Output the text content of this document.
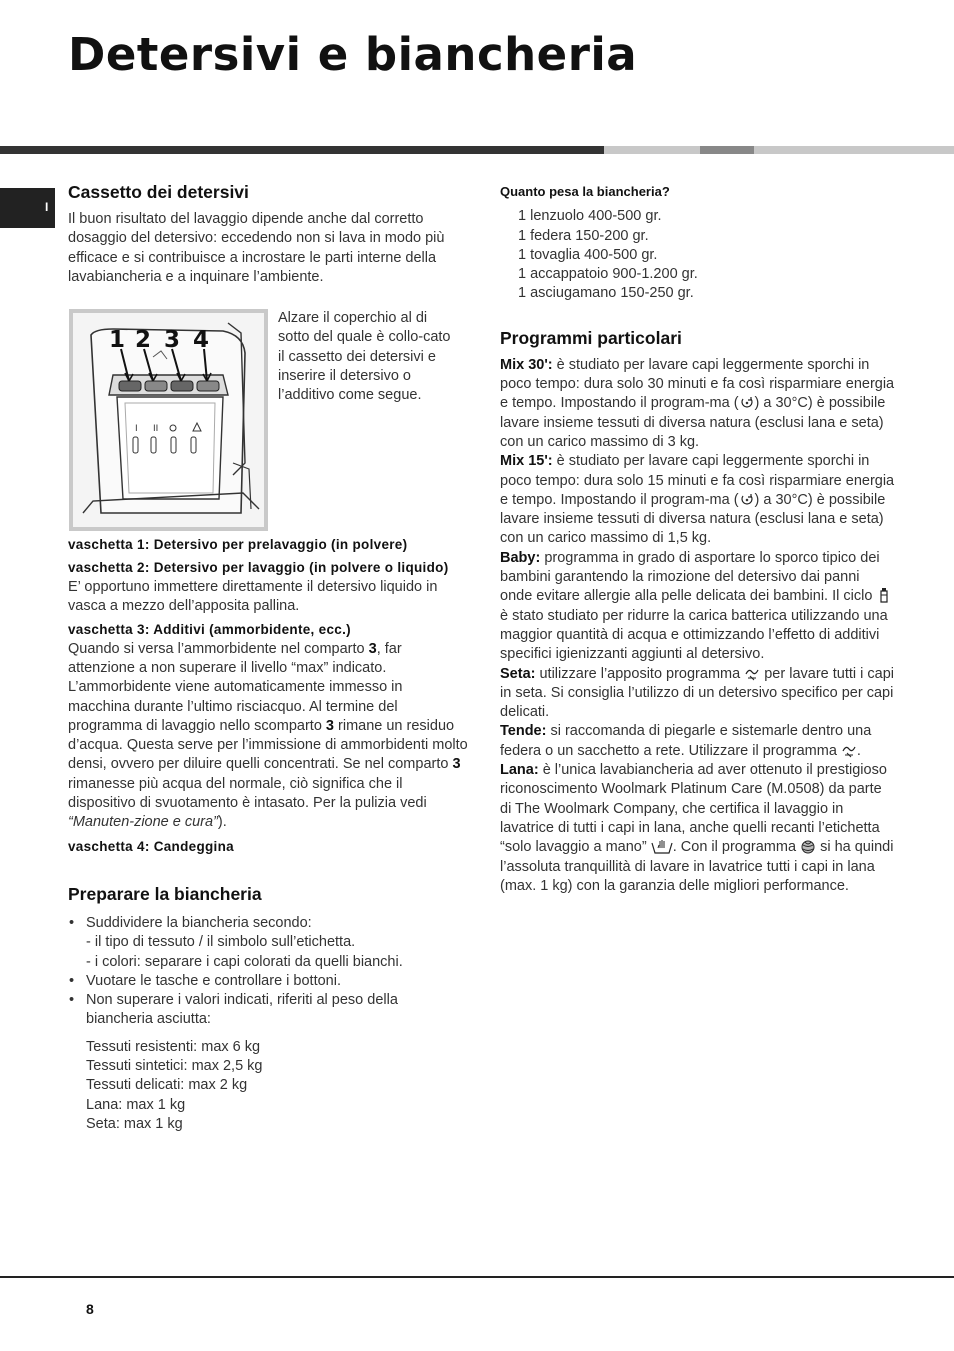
Detersivi e biancheria
I
Cassetto dei detersivi

Il buon risultato del lavaggio dipende anche dal corretto dosaggio del detersivo: eccedendo non si lava in modo più efficace e si contribuisce a incrostare le parti interne della lavabiancheria e a inquinare l’ambiente.

I II
1 2 3 4

Alzare il coperchio al di sotto del quale è collo-cato il cassetto dei detersivi e inserire il detersivo o l’additivo come segue.

vaschetta 1: Detersivo per prelavaggio (in polvere)

vaschetta 2: Detersivo per lavaggio (in polvere o liquido)

E’ opportuno immettere direttamente il detersivo liquido in vasca a mezzo dell’apposita pallina.

vaschetta 3: Additivi (ammorbidente, ecc.)

Quando si versa l’ammorbidente nel comparto 3, far attenzione a non superare il livello “max” indicato. L’ammorbidente viene automaticamente immesso in macchina durante l’ultimo risciacquo. Al termine del programma di lavaggio nello scomparto 3 rimane un residuo d’acqua. Questa serve per l’immissione di ammorbidenti molto densi, ovvero per diluire quelli concentrati. Se nel comparto 3 rimanesse più acqua del normale, ciò significa che il dispositivo di svuotamento è intasato. Per la pulizia vedi “Manuten-zione e cura”).

vaschetta 4: Candeggina

Preparare la biancheria
• Suddividere la biancheria secondo:
- il tipo di tessuto / il simbolo sull’etichetta.
- i colori: separare i capi colorati da quelli bianchi.
• Vuotare le tasche e controllare i bottoni.
• Non superare i valori indicati, riferiti al peso della biancheria asciutta:
Tessuti resistenti: max 6 kg
Tessuti sintetici: max 2,5 kg
Tessuti delicati: max 2 kg
Lana: max 1 kg
Seta: max 1 kg

Quanto pesa la biancheria?

1 lenzuolo 400-500 gr.
1 federa 150-200 gr.
1 tovaglia 400-500 gr.
1 accappatoio 900-1.200 gr.
1 asciugamano 150-250 gr.
Programmi particolari

Mix 30': è studiato per lavare capi leggermente sporchi in poco tempo: dura solo 30 minuti e fa così risparmiare energia e tempo. Impostando il program-ma ( ) a 30°C) è possibile lavare insieme tessuti di diversa natura (esclusi lana e seta) con un carico massimo di 3 kg.

Mix 15': è studiato per lavare capi leggermente sporchi in poco tempo: dura solo 15 minuti e fa così risparmiare energia e tempo. Impostando il program-ma ( ) a 30°C) è possibile lavare insieme tessuti di diversa natura (esclusi lana e seta) con un carico massimo di 1,5 kg.

Baby: programma in grado di asportare lo sporco tipico dei bambini garantendo la rimozione del detersivo dai panni onde evitare allergie alla pelle delicata dei bambini. Il ciclo  è stato studiato per ridurre la carica batterica utilizzando una maggior quantità di acqua e ottimizzando l’effetto di additivi specifici igienizzanti aggiunti al detersivo.

Seta: utilizzare l’apposito programma  per lavare tutti i capi in seta. Si consiglia l’utilizzo di un detersivo specifico per capi delicati.

Tende: si raccomanda di piegarle e sistemarle dentro una federa o un sacchetto a rete. Utilizzare il programma .

Lana: è l’unica lavabiancheria ad aver ottenuto il prestigioso riconoscimento Woolmark Platinum Care (M.0508) da parte di The Woolmark Company, che certifica il lavaggio in lavatrice di tutti i capi in lana, anche quelli recanti l’etichetta “solo lavaggio a mano” . Con il programma  si ha quindi l’assoluta tranquillità di lavare in lavatrice tutti i capi in lana (max. 1 kg) con la garanzia delle migliori performance.

8
